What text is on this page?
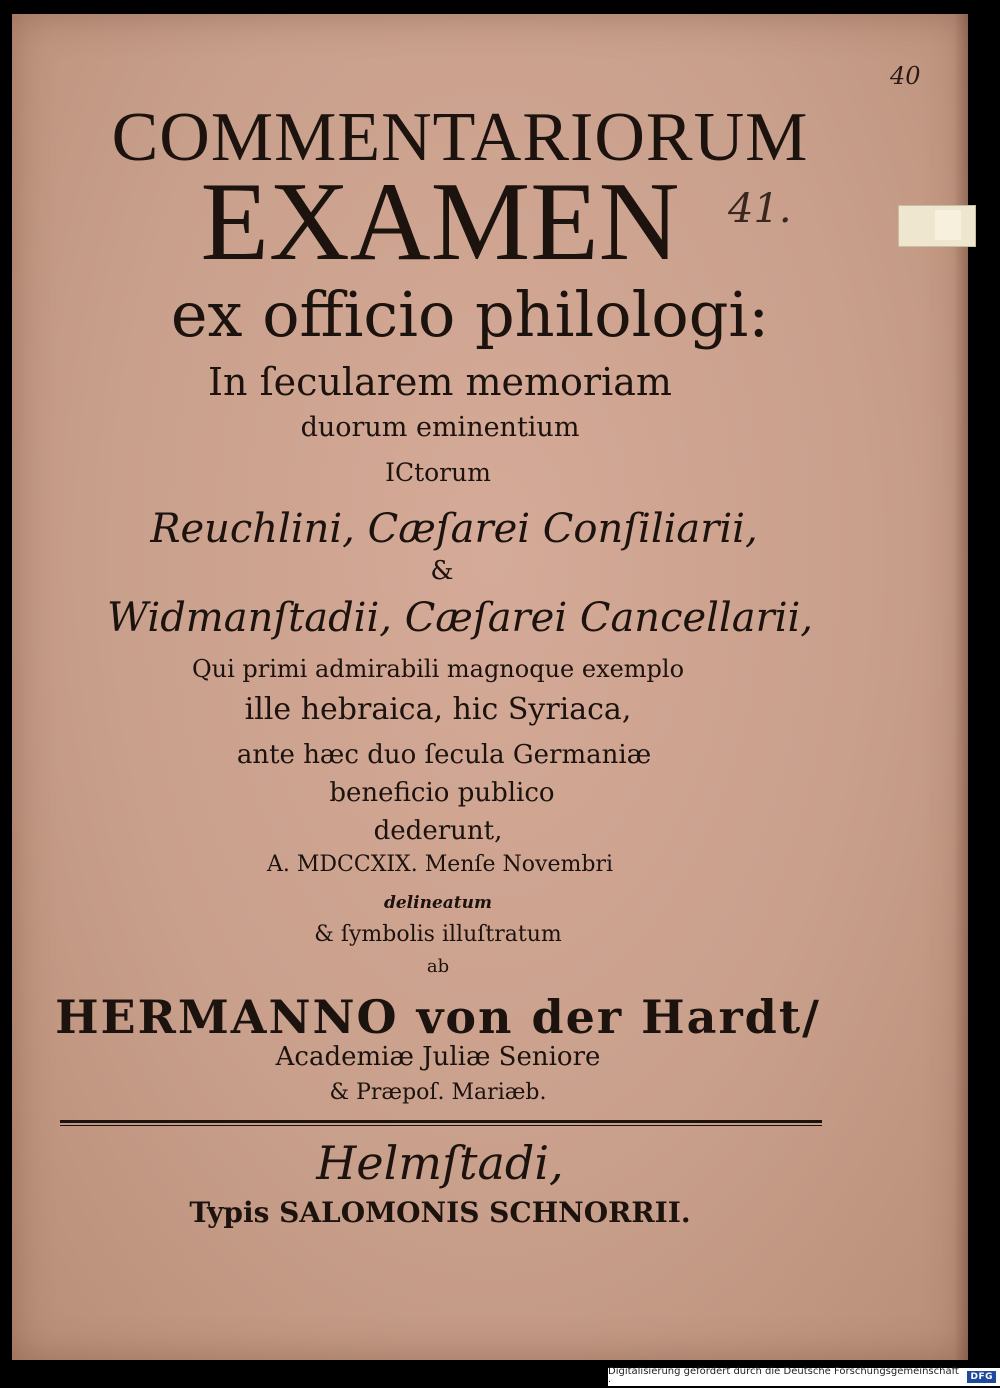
40
41.

COMMENTARIORUM

EXAMEN

ex officio philologi:

In ſecularem memoriam

duorum eminentium

ICtorum

Reuchlini, Cæſarei Conſiliarii,

&

Widmanſtadii, Cæſarei Cancellarii,

Qui primi admirabili magnoque exemplo

ille hebraica, hic Syriaca,

ante hæc duo ſecula Germaniæ

beneficio publico

dederunt,

A. MDCCXIX. Menſe Novembri

delineatum

& ſymbolis illuſtratum

ab

HERMANNO von der Hardt/

Academiæ Juliæ Seniore

& Præpoſ. Mariæb.

Helmſtadi,

Typis SALOMONIS SCHNORRII.

Digitalisierung gefördert durch die Deutsche Forschungsgemeinschaft ·	DFG
